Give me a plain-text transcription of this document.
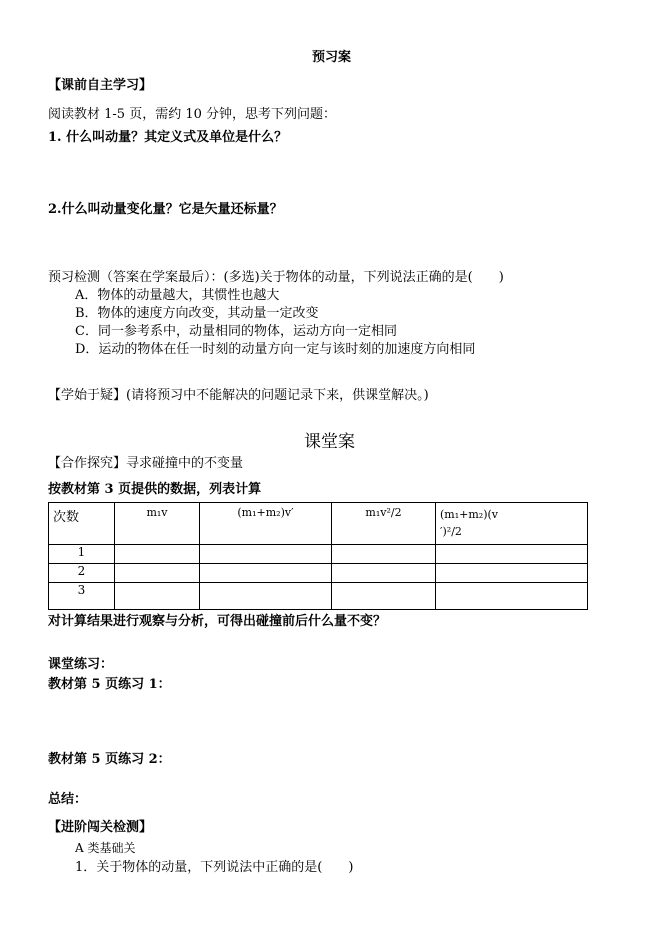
预习案
【课前自主学习】
阅读教材 1-5 页，需约 10 分钟，思考下列问题：
1. 什么叫动量？其定义式及单位是什么？
2.什么叫动量变化量？它是矢量还标量？
预习检测（答案在学案最后）：(多选)关于物体的动量，下列说法正确的是(　　)
A．物体的动量越大，其惯性也越大
B．物体的速度方向改变，其动量一定改变
C．同一参考系中，动量相同的物体，运动方向一定相同
D．运动的物体在任一时刻的动量方向一定与该时刻的加速度方向相同
【学始于疑】(请将预习中不能解决的问题记录下来，供课堂解决。)
课堂案
【合作探究】寻求碰撞中的不变量
按教材第 3 页提供的数据，列表计算
次数	m₁v	(m₁+m₂)v′	m₁v²/2	(m₁+m₂)(v
′)²/2
1				
2				
3				
对计算结果进行观察与分析，可得出碰撞前后什么量不变？
课堂练习：
教材第 5 页练习 1：
教材第 5 页练习 2：
总结：
【进阶闯关检测】
A 类基础关
1．关于物体的动量，下列说法中正确的是(　　)
